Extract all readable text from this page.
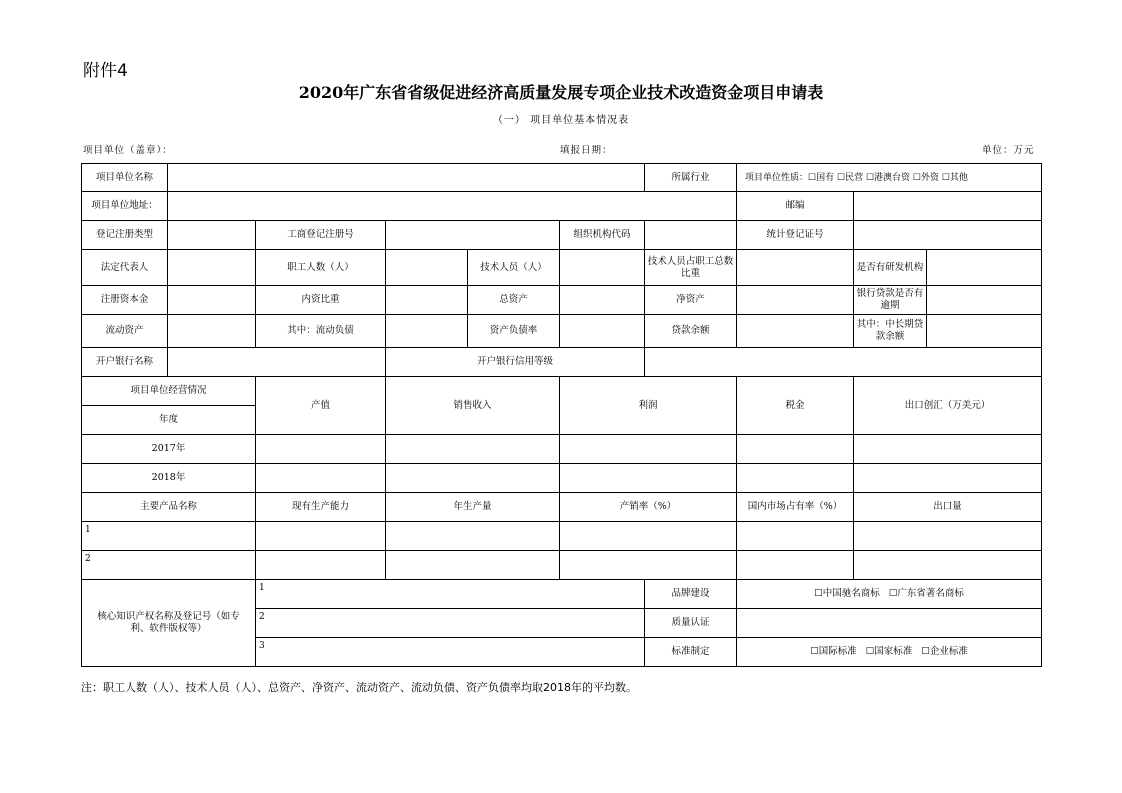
附件4
2020年广东省省级促进经济高质量发展专项企业技术改造资金项目申请表
（一） 项目单位基本情况表
项目单位（盖章）：	填报日期：	单位：万元
项目单位名称						所属行业	项目单位性质：☐国有 ☐民营 ☐港澳台资 ☐外资 ☐其他		
项目单位地址：							邮编		
登记注册类型		工商登记注册号			组织机构代码		统计登记证号		
法定代表人		职工人数（人）		技术人员（人）		技术人员占职工总数比重		是否有研发机构	
注册资本金		内资比重		总资产		净资产		银行贷款是否有逾期	
流动资产		其中：流动负债		资产负债率		贷款余额		其中：中长期贷款余额	
开户银行名称			开户银行信用等级						
项目单位经营情况		产值	销售收入		利润		税金	出口创汇（万美元）	
年度									
2017年									
2018年									
主要产品名称		现有生产能力	年生产量		产销率（%）		国内市场占有率（%）	出口量	
1									
2									
核心知识产权名称及登记号（如专利、软件版权等）		1				品牌建设	☐中国驰名商标 ☐广东省著名商标		
		2				质量认证			
		3				标准制定	☐国际标准 ☐国家标准 ☐企业标准		
注：职工人数（人）、技术人员（人）、总资产、净资产、流动资产、流动负债、资产负债率均取2018年的平均数。
